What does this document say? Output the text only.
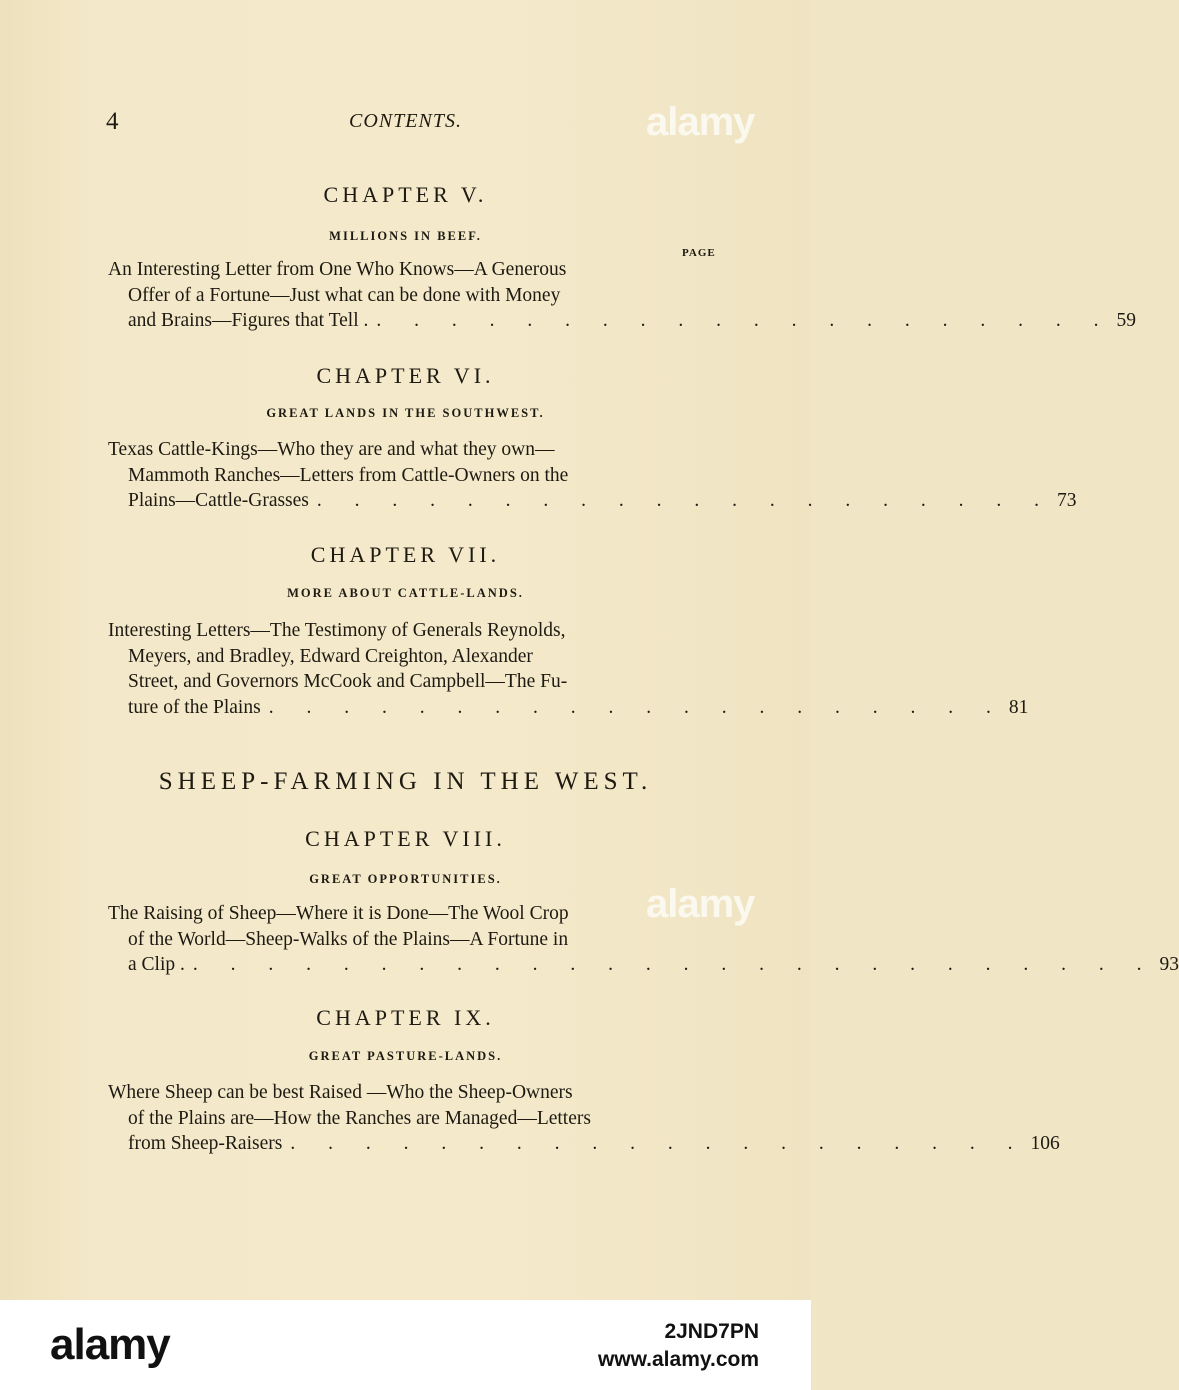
4	CONTENTS.
CHAPTER V.
MILLIONS IN BEEF.
PAGE
An Interesting Letter from One Who Knows—A Generous
Offer of a Fortune—Just what can be done with Money
and Brains—Figures that Tell . . . . . . . . . . . . . . . . . . . . . 59
CHAPTER VI.
GREAT LANDS IN THE SOUTHWEST.
Texas Cattle-Kings—Who they are and what they own—
Mammoth Ranches—Letters from Cattle-Owners on the
Plains—Cattle-Grasses . . . . . . . . . . . . . . . . . . . . 73
CHAPTER VII.
MORE ABOUT CATTLE-LANDS.
Interesting Letters—The Testimony of Generals Reynolds,
Meyers, and Bradley, Edward Creighton, Alexander
Street, and Governors McCook and Campbell—The Fu-
ture of the Plains . . . . . . . . . . . . . . . . . . . . 81
SHEEP-FARMING IN THE WEST.
CHAPTER VIII.
GREAT OPPORTUNITIES.
The Raising of Sheep—Where it is Done—The Wool Crop
of the World—Sheep-Walks of the Plains—A Fortune in
a Clip . . . . . . . . . . . . . . . . . . . . . . . . . . . 93
CHAPTER IX.
GREAT PASTURE-LANDS.
Where Sheep can be best Raised —Who the Sheep-Owners
of the Plains are—How the Ranches are Managed—Letters
from Sheep-Raisers . . . . . . . . . . . . . . . . . . . . 106
alamy
alamy
alamy	2JND7PN
www.alamy.com
